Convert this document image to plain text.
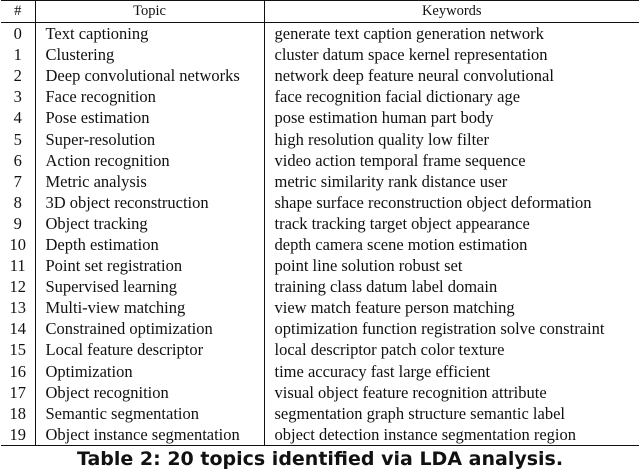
#	Topic	Keywords
0	Text captioning	generate text caption generation network
1	Clustering	cluster datum space kernel representation
2	Deep convolutional networks	network deep feature neural convolutional
3	Face recognition	face recognition facial dictionary age
4	Pose estimation	pose estimation human part body
5	Super-resolution	high resolution quality low filter
6	Action recognition	video action temporal frame sequence
7	Metric analysis	metric similarity rank distance user
8	3D object reconstruction	shape surface reconstruction object deformation
9	Object tracking	track tracking target object appearance
10	Depth estimation	depth camera scene motion estimation
11	Point set registration	point line solution robust set
12	Supervised learning	training class datum label domain
13	Multi-view matching	view match feature person matching
14	Constrained optimization	optimization function registration solve constraint
15	Local feature descriptor	local descriptor patch color texture
16	Optimization	time accuracy fast large efficient
17	Object recognition	visual object feature recognition attribute
18	Semantic segmentation	segmentation graph structure semantic label
19	Object instance segmentation	object detection instance segmentation region
Table 2: 20 topics identified via LDA analysis.
